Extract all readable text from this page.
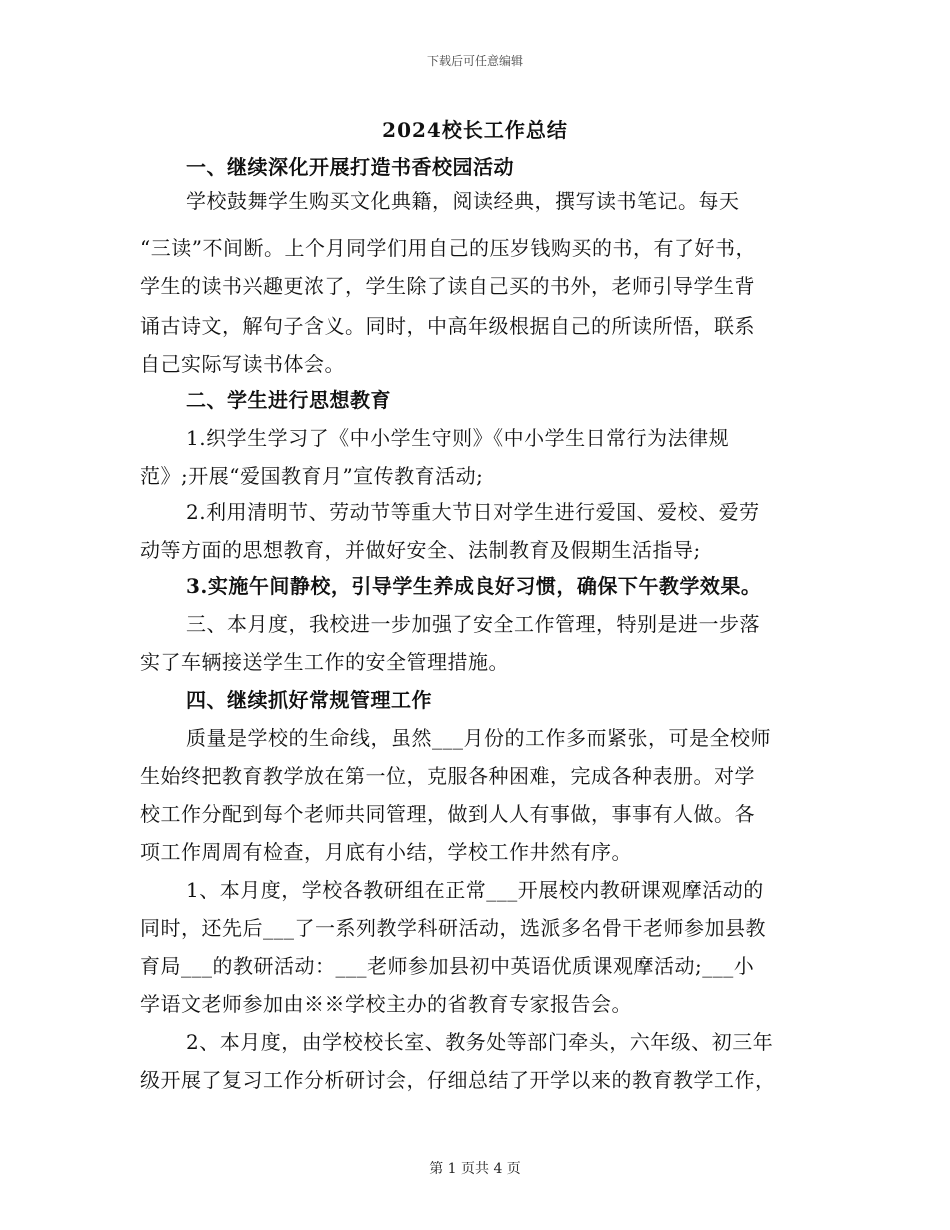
下载后可任意编辑
2024校长工作总结
一、继续深化开展打造书香校园活动
学校鼓舞学生购买文化典籍，阅读经典，撰写读书笔记。每天
“三读”不间断。上个月同学们用自己的压岁钱购买的书，有了好书，
学生的读书兴趣更浓了，学生除了读自己买的书外，老师引导学生背
诵古诗文，解句子含义。同时，中高年级根据自己的所读所悟，联系
自己实际写读书体会。
二、学生进行思想教育
1.织学生学习了《中小学生守则》《中小学生日常行为法律规
范》;开展“爱国教育月”宣传教育活动;
2.利用清明节、劳动节等重大节日对学生进行爱国、爱校、爱劳
动等方面的思想教育，并做好安全、法制教育及假期生活指导;
3.实施午间静校，引导学生养成良好习惯，确保下午教学效果。
三、本月度，我校进一步加强了安全工作管理，特别是进一步落
实了车辆接送学生工作的安全管理措施。
四、继续抓好常规管理工作
质量是学校的生命线，虽然___月份的工作多而紧张，可是全校师
生始终把教育教学放在第一位，克服各种困难，完成各种表册。对学
校工作分配到每个老师共同管理，做到人人有事做，事事有人做。各
项工作周周有检查，月底有小结，学校工作井然有序。
1、本月度，学校各教研组在正常___开展校内教研课观摩活动的
同时，还先后___了一系列教学科研活动，选派多名骨干老师参加县教
育局___的教研活动：___老师参加县初中英语优质课观摩活动;___小
学语文老师参加由※※学校主办的省教育专家报告会。
2、本月度，由学校校长室、教务处等部门牵头，六年级、初三年
级开展了复习工作分析研讨会，仔细总结了开学以来的教育教学工作，
第 1 页共 4 页
